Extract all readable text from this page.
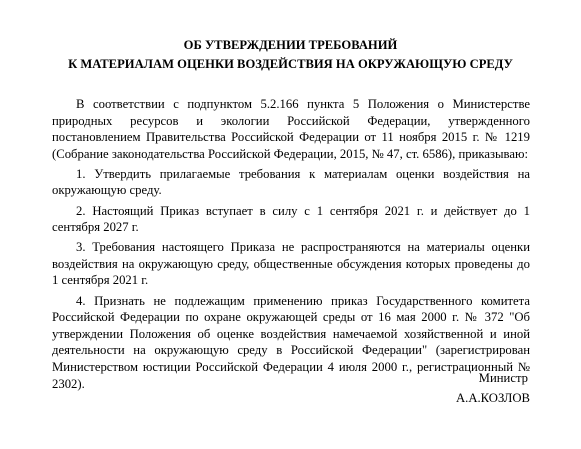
ОБ УТВЕРЖДЕНИИ ТРЕБОВАНИЙ
К МАТЕРИАЛАМ ОЦЕНКИ ВОЗДЕЙСТВИЯ НА ОКРУЖАЮЩУЮ СРЕДУ

В соответствии с подпунктом 5.2.166 пункта 5 Положения о Министерстве природных ресурсов и экологии Российской Федерации, утвержденного постановлением Правительства Российской Федерации от 11 ноября 2015 г. № 1219 (Собрание законодательства Российской Федерации, 2015, № 47, ст. 6586), приказываю:

1. Утвердить прилагаемые требования к материалам оценки воздействия на окружающую среду.

2. Настоящий Приказ вступает в силу с 1 сентября 2021 г. и действует до 1 сентября 2027 г.

3. Требования настоящего Приказа не распространяются на материалы оценки воздействия на окружающую среду, общественные обсуждения которых проведены до 1 сентября 2021 г.

4. Признать не подлежащим применению приказ Государственного комитета Российской Федерации по охране окружающей среды от 16 мая 2000 г. № 372 "Об утверждении Положения об оценке воздействия намечаемой хозяйственной и иной деятельности на окружающую среду в Российской Федерации" (зарегистрирован Министерством юстиции Российской Федерации 4 июля 2000 г., регистрационный № 2302).	Министр
А.А.КОЗЛОВ
